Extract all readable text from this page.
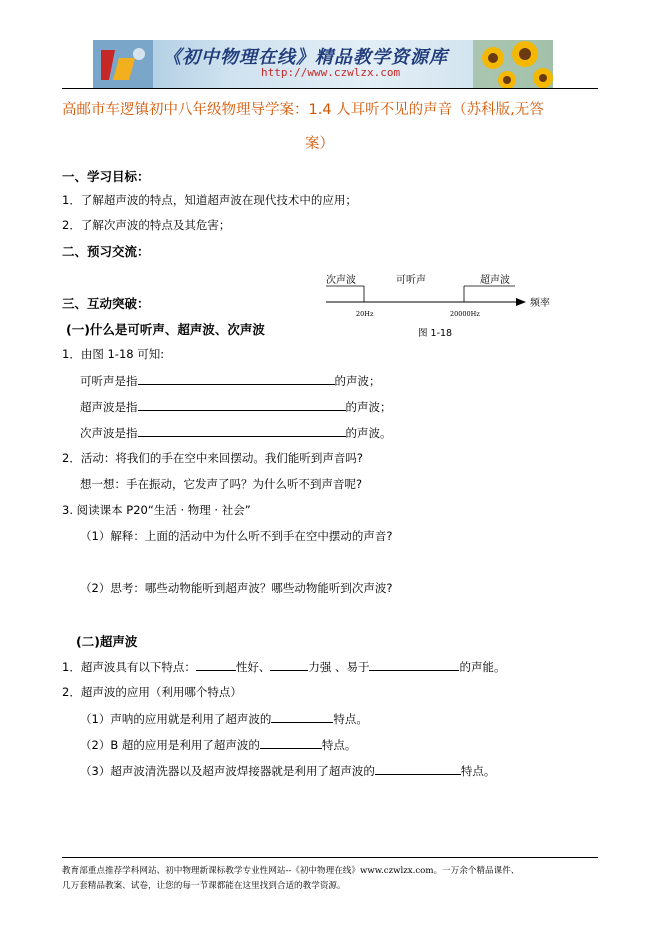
《初中物理在线》精品教学资源库
http://www.czwlzx.com
高邮市车逻镇初中八年级物理导学案：1.4 人耳听不见的声音（苏科版,无答
案）
一、学习目标：
1．了解超声波的特点，知道超声波在现代技术中的应用；
2．了解次声波的特点及其危害；
二、预习交流：
次声波	可听声	超声波
频率
20Hz	20000Hz
图 1-18
三、互动突破：
(一)什么是可听声、超声波、次声波
1．由图 1-18 可知:
可听声是指	的声波；
超声波是指	的声波；
次声波是指	的声波。
2．活动：将我们的手在空中来回摆动。我们能听到声音吗?
想一想：手在振动，它发声了吗？为什么听不到声音呢?
3. 阅读课本 P20“生活 · 物理 · 社会”
（1）解释：上面的活动中为什么听不到手在空中摆动的声音?
（2）思考：哪些动物能听到超声波？哪些动物能听到次声波?
(二)超声波
1．超声波具有以下特点：	性好、	力强 、易于	的声能。
2．超声波的应用（利用哪个特点）
（1）声呐的应用就是利用了超声波的	特点。
（2）B 超的应用是利用了超声波的	特点。
（3）超声波清洗器以及超声波焊接器就是利用了超声波的	特点。
教育部重点推荐学科网站、初中物理新课标教学专业性网站--《初中物理在线》www.czwlzx.com。一万余个精品课件、
几万套精品教案、试卷，让您的每一节课都能在这里找到合适的教学资源。
